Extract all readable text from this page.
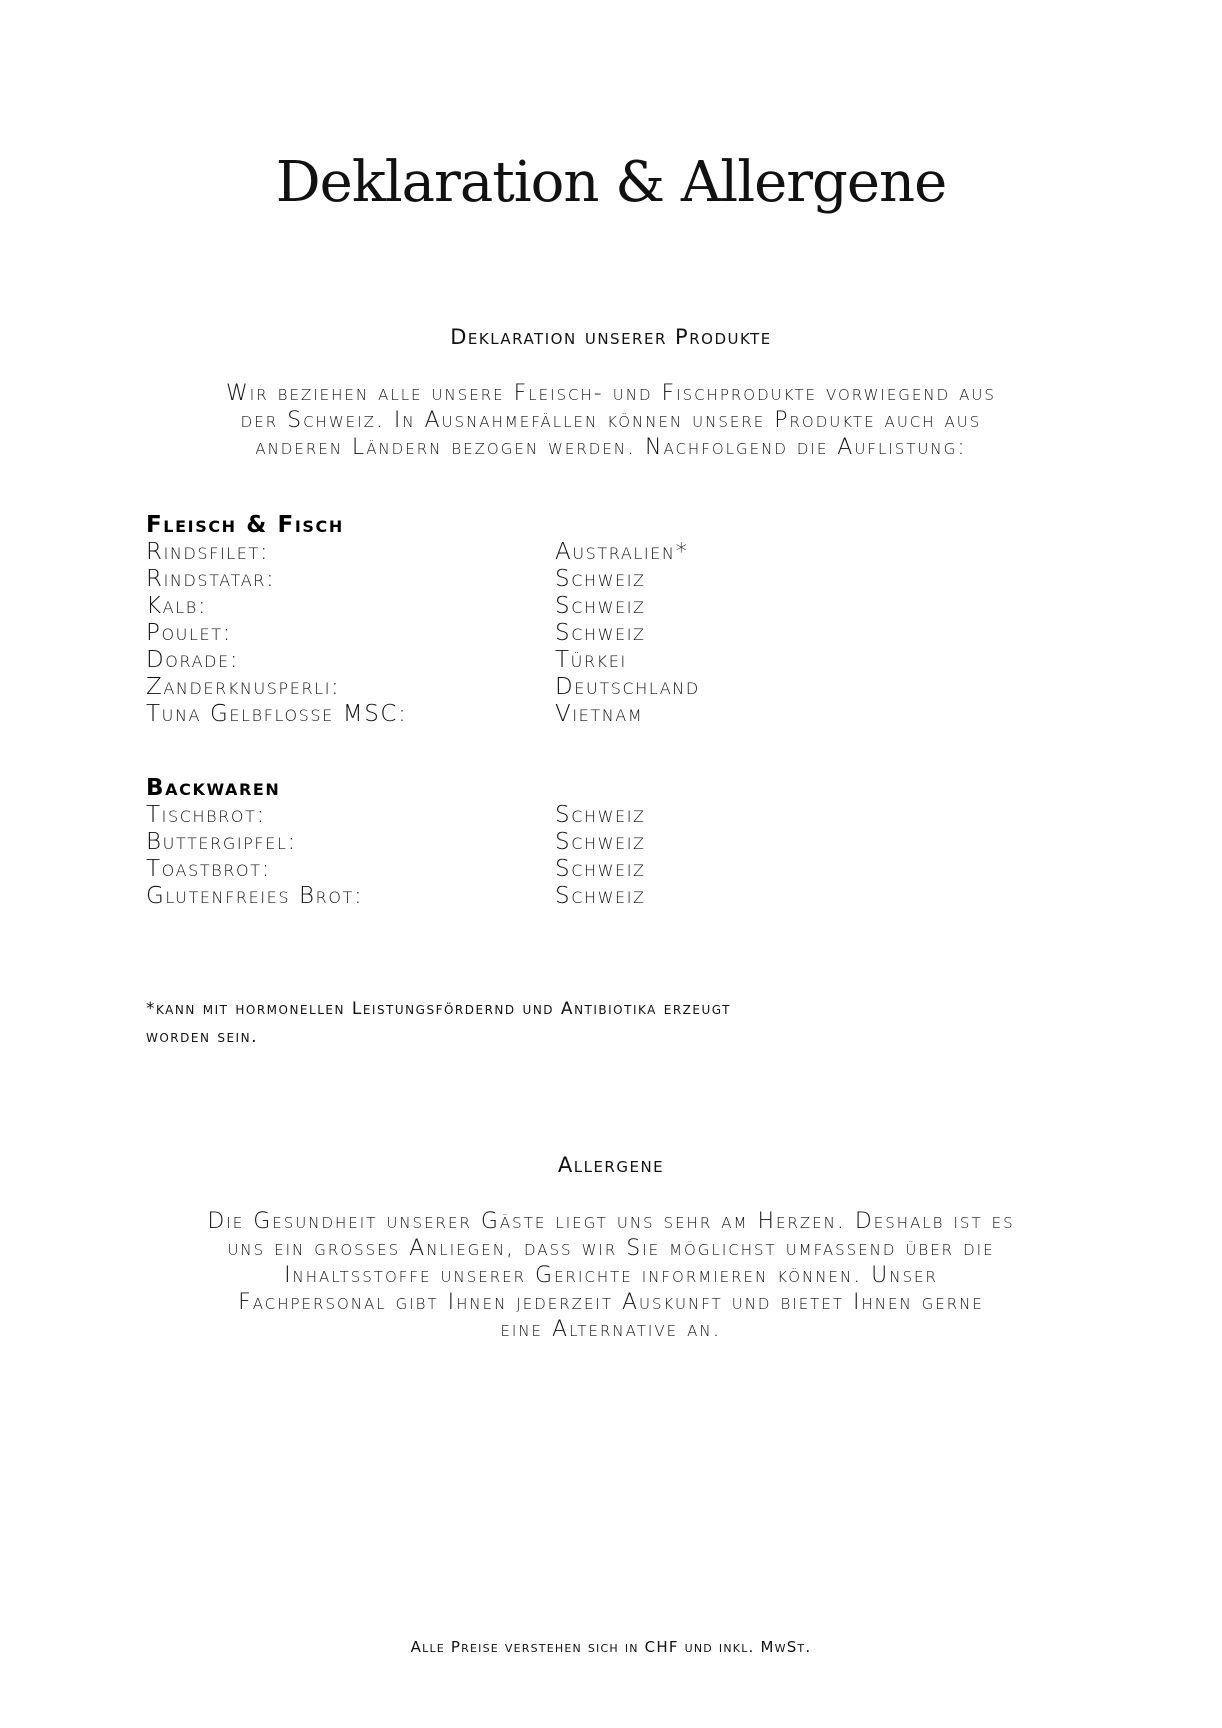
Deklaration & Allergene
Deklaration unserer Produkte
Wir beziehen alle unsere Fleisch- und Fischprodukte vorwiegend aus
der Schweiz. In Ausnahmefällen können unsere Produkte auch aus
anderen Ländern bezogen werden. Nachfolgend die Auflistung:
Fleisch & Fisch
Rindsfilet:	Australien*
Rindstatar:	Schweiz
Kalb:	Schweiz
Poulet:	Schweiz
Dorade:	Türkei
Zanderknusperli:	Deutschland
Tuna Gelbflosse MSC:	Vietnam
Backwaren
Tischbrot:	Schweiz
Buttergipfel:	Schweiz
Toastbrot:	Schweiz
Glutenfreies Brot:	Schweiz
*kann mit hormonellen Leistungsfördernd und Antibiotika erzeugt
worden sein.
Allergene
Die Gesundheit unserer Gäste liegt uns sehr am Herzen. Deshalb ist es
uns ein grosses Anliegen, dass wir Sie möglichst umfassend über die
Inhaltsstoffe unserer Gerichte informieren können. Unser
Fachpersonal gibt Ihnen jederzeit Auskunft und bietet Ihnen gerne
eine Alternative an.
Alle Preise verstehen sich in CHF und inkl. MwSt.
